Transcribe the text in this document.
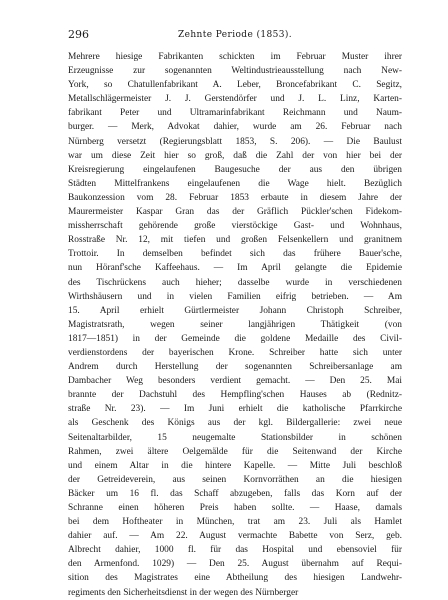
296	Zehnte Periode (1853).

Mehrere hiesige Fabrikanten schickten im Februar Muster ihrer
Erzeugnisse zur sogenannten Weltindustrieausstellung nach New-
York, so Chatullenfabrikant A. Leber, Broncefabrikant C. Segitz,
Metallschlägermeister J. J. Gerstendörfer und J. L. Linz, Karten-
fabrikant Peter und Ultramarinfabrikant Reichmann und Naum-
burger. — Merk, Advokat dahier, wurde am 26. Februar nach
Nürnberg versetzt (Regierungsblatt 1853, S. 206). — Die Baulust
war um diese Zeit hier so groß, daß die Zahl der von hier bei der
Kreisregierung eingelaufenen Baugesuche der aus den übrigen
Städten Mittelfrankens eingelaufenen die Wage hielt. Bezüglich
Baukonzession vom 28. Februar 1853 erbaute in diesem Jahre der
Maurermeister Kaspar Gran das der Gräflich Pückler'schen Fidekom-
missherrschaft gehörende große vierstöckige Gast- und Wohnhaus,
Rosstraße Nr. 12, mit tiefen und großen Felsenkellern und granitnem
Trottoir. In demselben befindet sich das frühere Bauer'sche,
nun Höranf'sche Kaffeehaus. — Im April gelangte die Epidemie
des Tischrückens auch hieher; dasselbe wurde in verschiedenen
Wirthshäusern und in vielen Familien eifrig betrieben. — Am
15. April erhielt Gürtlermeister Johann Christoph Schreiber,
Magistratsrath, wegen seiner langjährigen Thätigkeit (von
1817—1851) in der Gemeinde die goldene Medaille des Civil-
verdienstordens der bayerischen Krone. Schreiber hatte sich unter
Andrem durch Herstellung der sogenannten Schreibersanlage am
Dambacher Weg besonders verdient gemacht. — Den 25. Mai
brannte der Dachstuhl des Hempfling'schen Hauses ab (Rednitz-
straße Nr. 23). — Im Juni erhielt die katholische Pfarrkirche
als Geschenk des Königs aus der kgl. Bildergallerie: zwei neue
Seitenaltarbilder, 15 neugemalte Stationsbilder in schönen
Rahmen, zwei ältere Oelgemälde für die Seitenwand der Kirche
und einem Altar in die hintere Kapelle. — Mitte Juli beschloß
der Getreideverein, aus seinen Kornvorräthen an die hiesigen
Bäcker um 16 fl. das Schaff abzugeben, falls das Korn auf der
Schranne einen höheren Preis haben sollte. — Haase, damals
bei dem Hoftheater in München, trat am 23. Juli als Hamlet
dahier auf. — Am 22. August vermachte Babette von Serz, geb.
Albrecht dahier, 1000 fl. für das Hospital und ebensoviel für
den Armenfond. 1029) — Den 25. August übernahm auf Requi-
sition des Magistrates eine Abtheilung des hiesigen Landwehr-
regiments den Sicherheitsdienst in der wegen des Nürnberger
